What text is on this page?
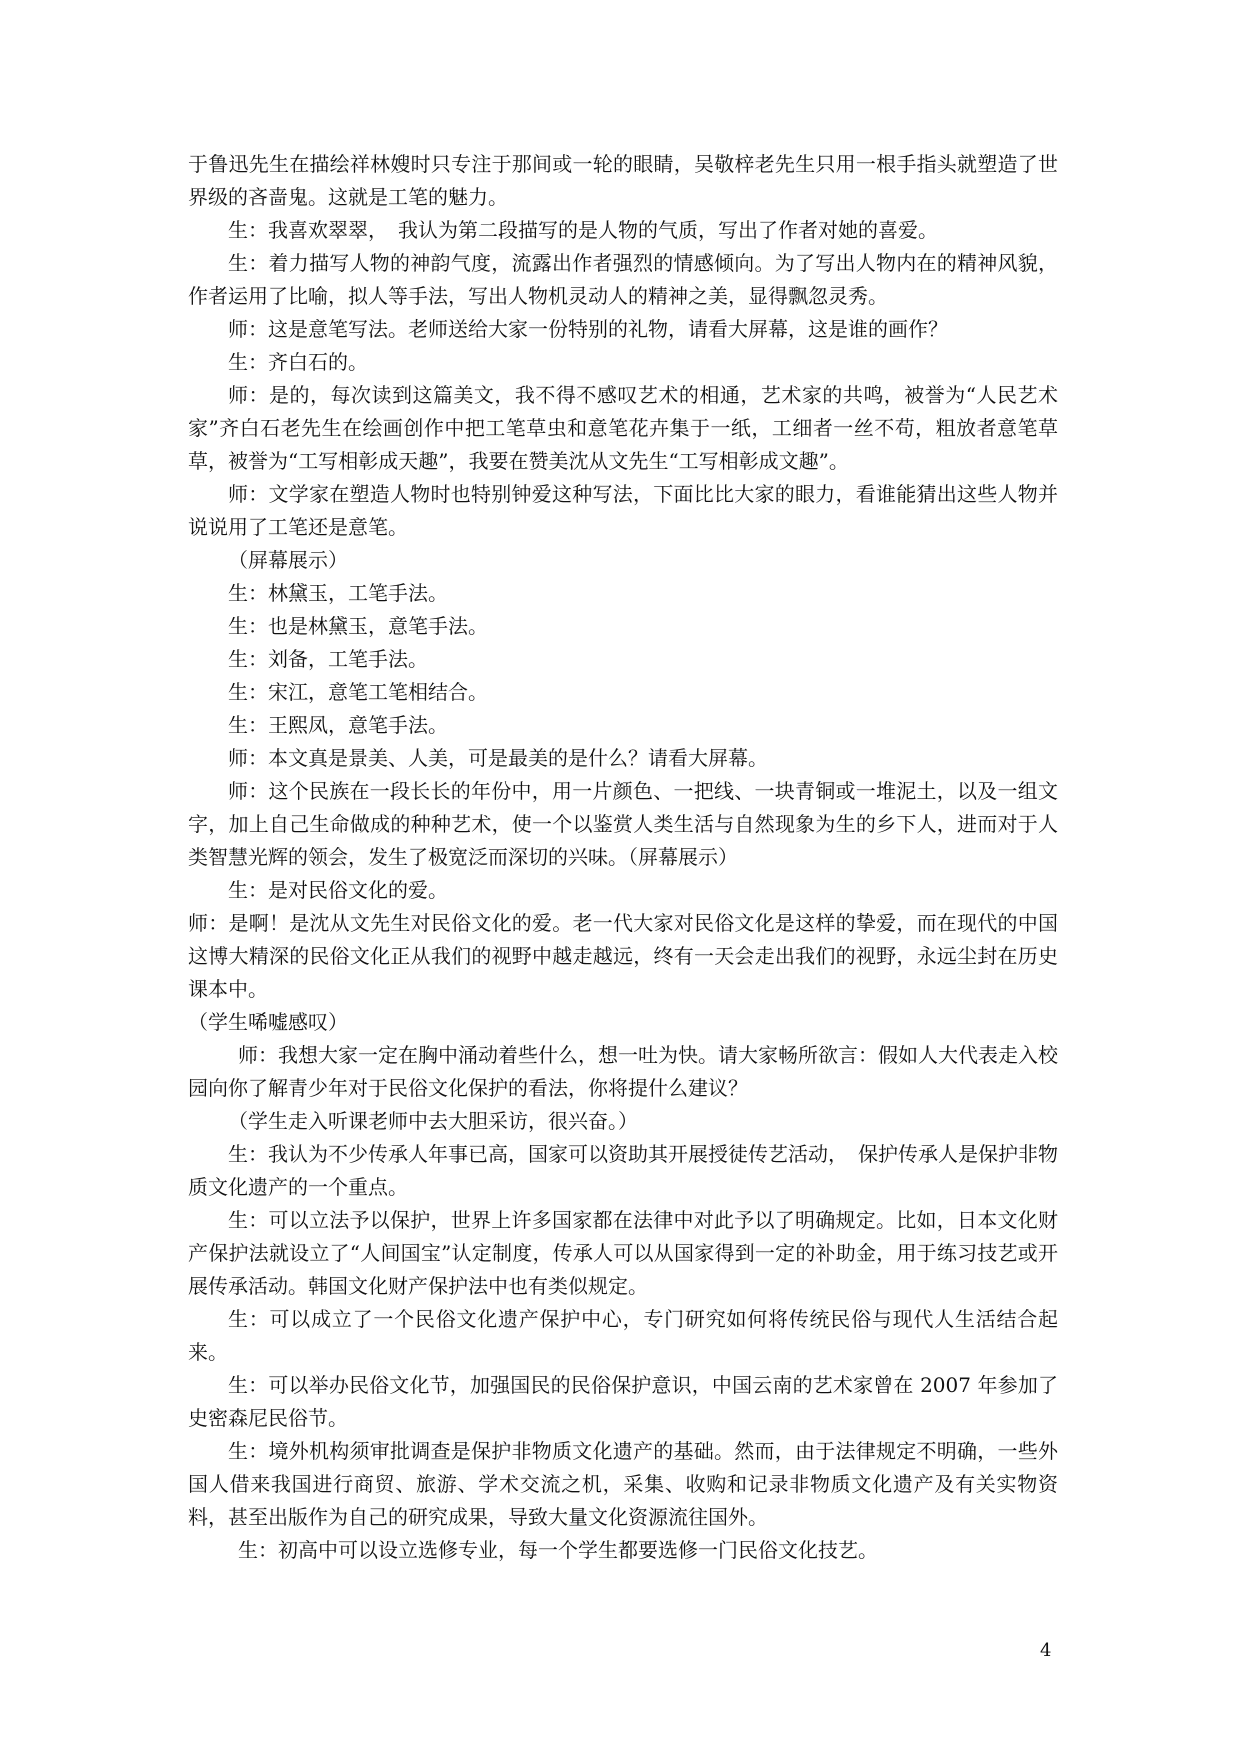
于鲁迅先生在描绘祥林嫂时只专注于那间或一轮的眼睛，吴敬梓老先生只用一根手指头就塑造了世界级的吝啬鬼。这就是工笔的魅力。

生：我喜欢翠翠，　我认为第二段描写的是人物的气质，写出了作者对她的喜爱。

生：着力描写人物的神韵气度，流露出作者强烈的情感倾向。为了写出人物内在的精神风貌，作者运用了比喻，拟人等手法，写出人物机灵动人的精神之美，显得飘忽灵秀。

师：这是意笔写法。老师送给大家一份特别的礼物，请看大屏幕，这是谁的画作？

生：齐白石的。

师：是的，每次读到这篇美文，我不得不感叹艺术的相通，艺术家的共鸣，被誉为“人民艺术家”齐白石老先生在绘画创作中把工笔草虫和意笔花卉集于一纸，工细者一丝不苟，粗放者意笔草草，被誉为“工写相彰成天趣”，我要在赞美沈从文先生“工写相彰成文趣”。

师：文学家在塑造人物时也特别钟爱这种写法，下面比比大家的眼力，看谁能猜出这些人物并说说用了工笔还是意笔。

（屏幕展示）

生：林黛玉，工笔手法。

生：也是林黛玉，意笔手法。

生：刘备，工笔手法。

生：宋江，意笔工笔相结合。

生：王熙凤，意笔手法。

师：本文真是景美、人美，可是最美的是什么？请看大屏幕。

师：这个民族在一段长长的年份中，用一片颜色、一把线、一块青铜或一堆泥土，以及一组文字，加上自己生命做成的种种艺术，使一个以鉴赏人类生活与自然现象为生的乡下人，进而对于人类智慧光辉的领会，发生了极宽泛而深切的兴味。（屏幕展示）

生：是对民俗文化的爱。

师：是啊！是沈从文先生对民俗文化的爱。老一代大家对民俗文化是这样的挚爱，而在现代的中国这博大精深的民俗文化正从我们的视野中越走越远，终有一天会走出我们的视野，永远尘封在历史课本中。

（学生唏嘘感叹）

师：我想大家一定在胸中涌动着些什么，想一吐为快。请大家畅所欲言：假如人大代表走入校园向你了解青少年对于民俗文化保护的看法，你将提什么建议？

（学生走入听课老师中去大胆采访，很兴奋。）

生：我认为不少传承人年事已高，国家可以资助其开展授徒传艺活动，　保护传承人是保护非物质文化遗产的一个重点。

生：可以立法予以保护，世界上许多国家都在法律中对此予以了明确规定。比如，日本文化财产保护法就设立了“人间国宝”认定制度，传承人可以从国家得到一定的补助金，用于练习技艺或开展传承活动。韩国文化财产保护法中也有类似规定。

生：可以成立了一个民俗文化遗产保护中心，专门研究如何将传统民俗与现代人生活结合起来。

生：可以举办民俗文化节，加强国民的民俗保护意识，中国云南的艺术家曾在 2007 年参加了史密森尼民俗节。

生：境外机构须审批调查是保护非物质文化遗产的基础。然而，由于法律规定不明确，一些外国人借来我国进行商贸、旅游、学术交流之机，采集、收购和记录非物质文化遗产及有关实物资料，甚至出版作为自己的研究成果，导致大量文化资源流往国外。

生：初高中可以设立选修专业，每一个学生都要选修一门民俗文化技艺。

4
